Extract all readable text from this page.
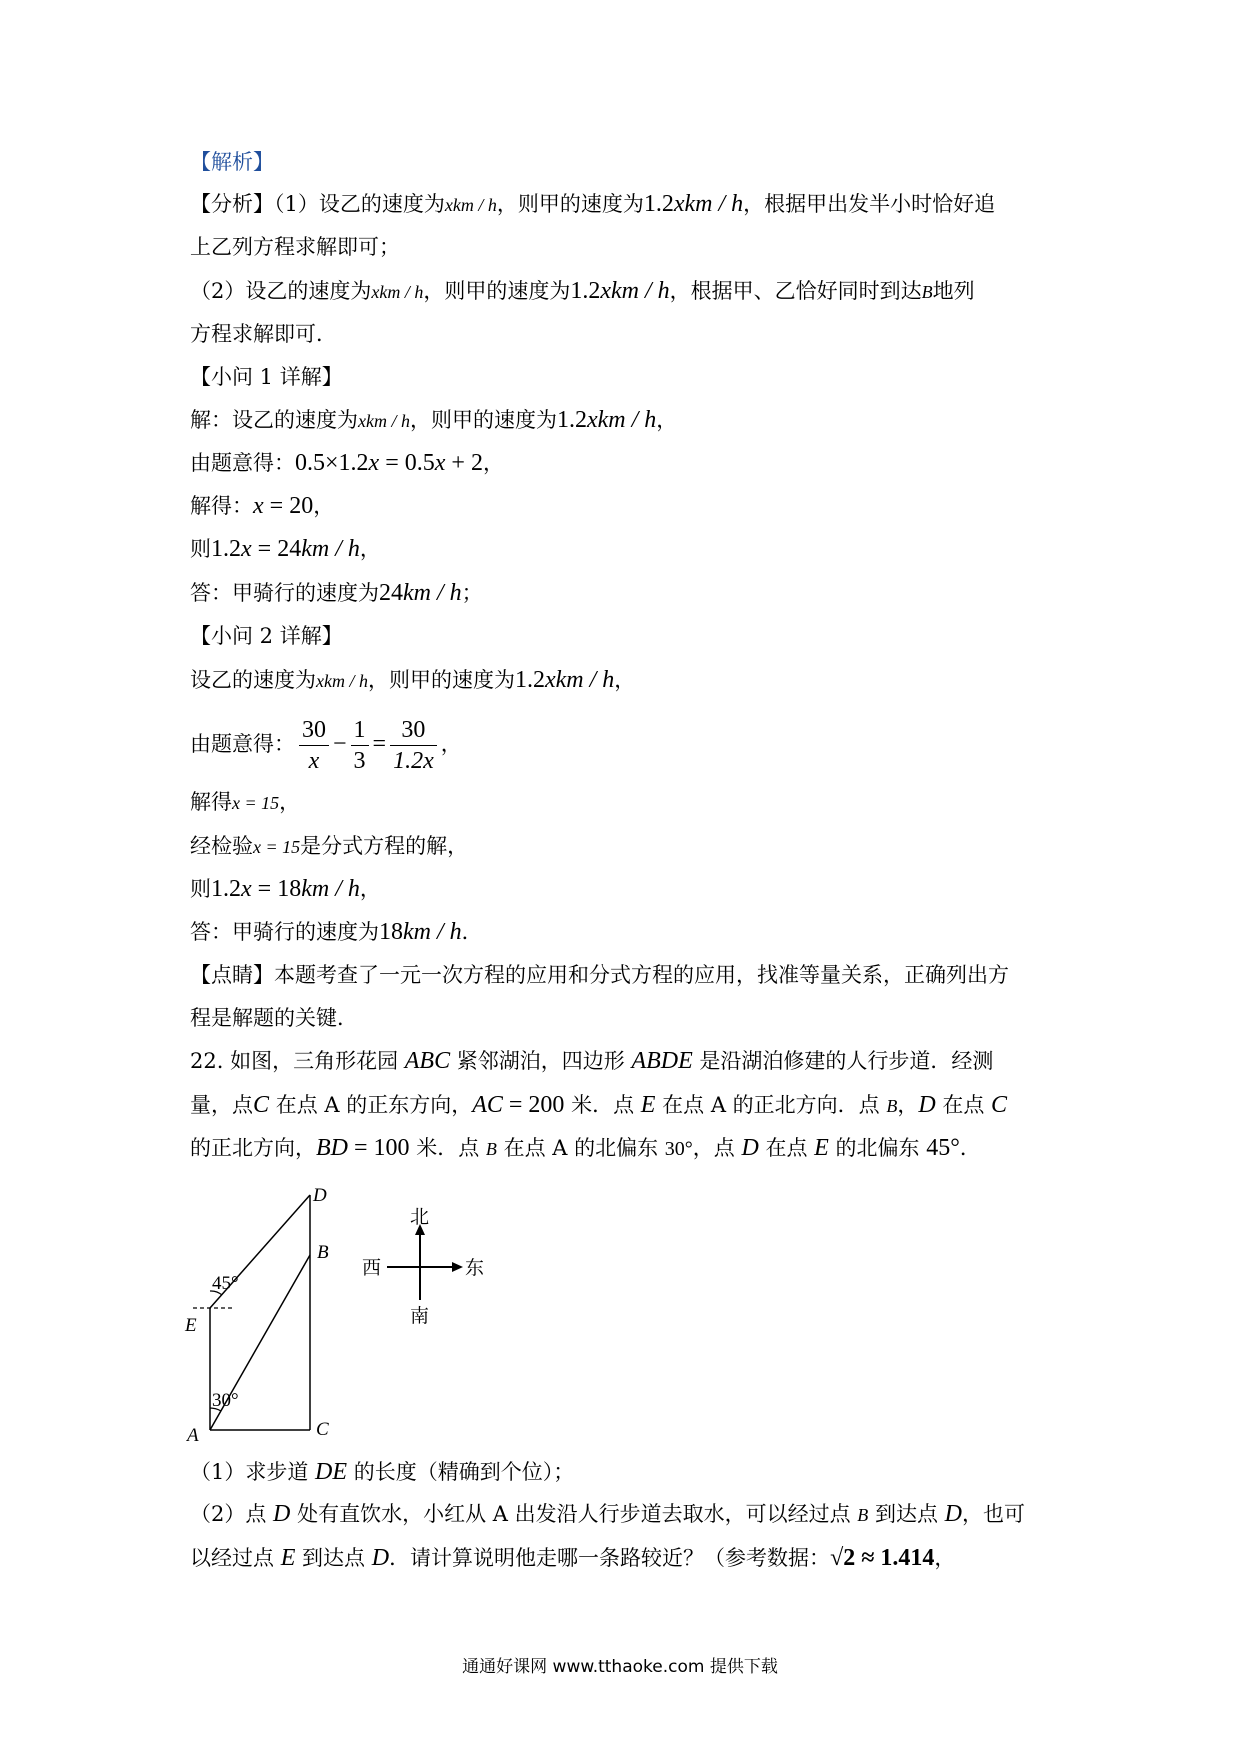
【解析】
【分析】（1）设乙的速度为xkm / h，则甲的速度为1.2xkm / h，根据甲出发半小时恰好追
上乙列方程求解即可；
（2）设乙的速度为xkm / h，则甲的速度为1.2xkm / h，根据甲、乙恰好同时到达B地列
方程求解即可．
【小问 1 详解】
解：设乙的速度为xkm / h，则甲的速度为1.2xkm / h，
由题意得：0.5×1.2x = 0.5x + 2，
解得：x = 20，
则1.2x = 24km / h，
答：甲骑行的速度为24km / h；
【小问 2 详解】
设乙的速度为xkm / h，则甲的速度为1.2xkm / h，
由题意得： $\frac{30}{x} - \frac{1}{3} = \frac{30}{1.2x}$ ，
解得x = 15，
经检验x = 15是分式方程的解，
则1.2x = 18km / h，
答：甲骑行的速度为18km / h．
【点睛】本题考查了一元一次方程的应用和分式方程的应用，找准等量关系，正确列出方
程是解题的关键．
22. 如图，三角形花园 ABC 紧邻湖泊，四边形 ABDE 是沿湖泊修建的人行步道．经测
量，点C 在点 A 的正东方向，AC = 200 米．点 E 在点 A 的正北方向．点 B，D 在点 C
的正北方向，BD = 100 米．点 B 在点 A 的北偏东 30°，点 D 在点 E 的北偏东 45°．
D
B
E
A	C
45°
30°
北
西	东
南
（1）求步道 DE 的长度（精确到个位）；
（2）点 D 处有直饮水，小红从 A 出发沿人行步道去取水，可以经过点 B 到达点 D，也可
以经过点 E 到达点 D．请计算说明他走哪一条路较近？（参考数据：√2 ≈ 1.414，
通通好课网 www.tthaoke.com 提供下载
